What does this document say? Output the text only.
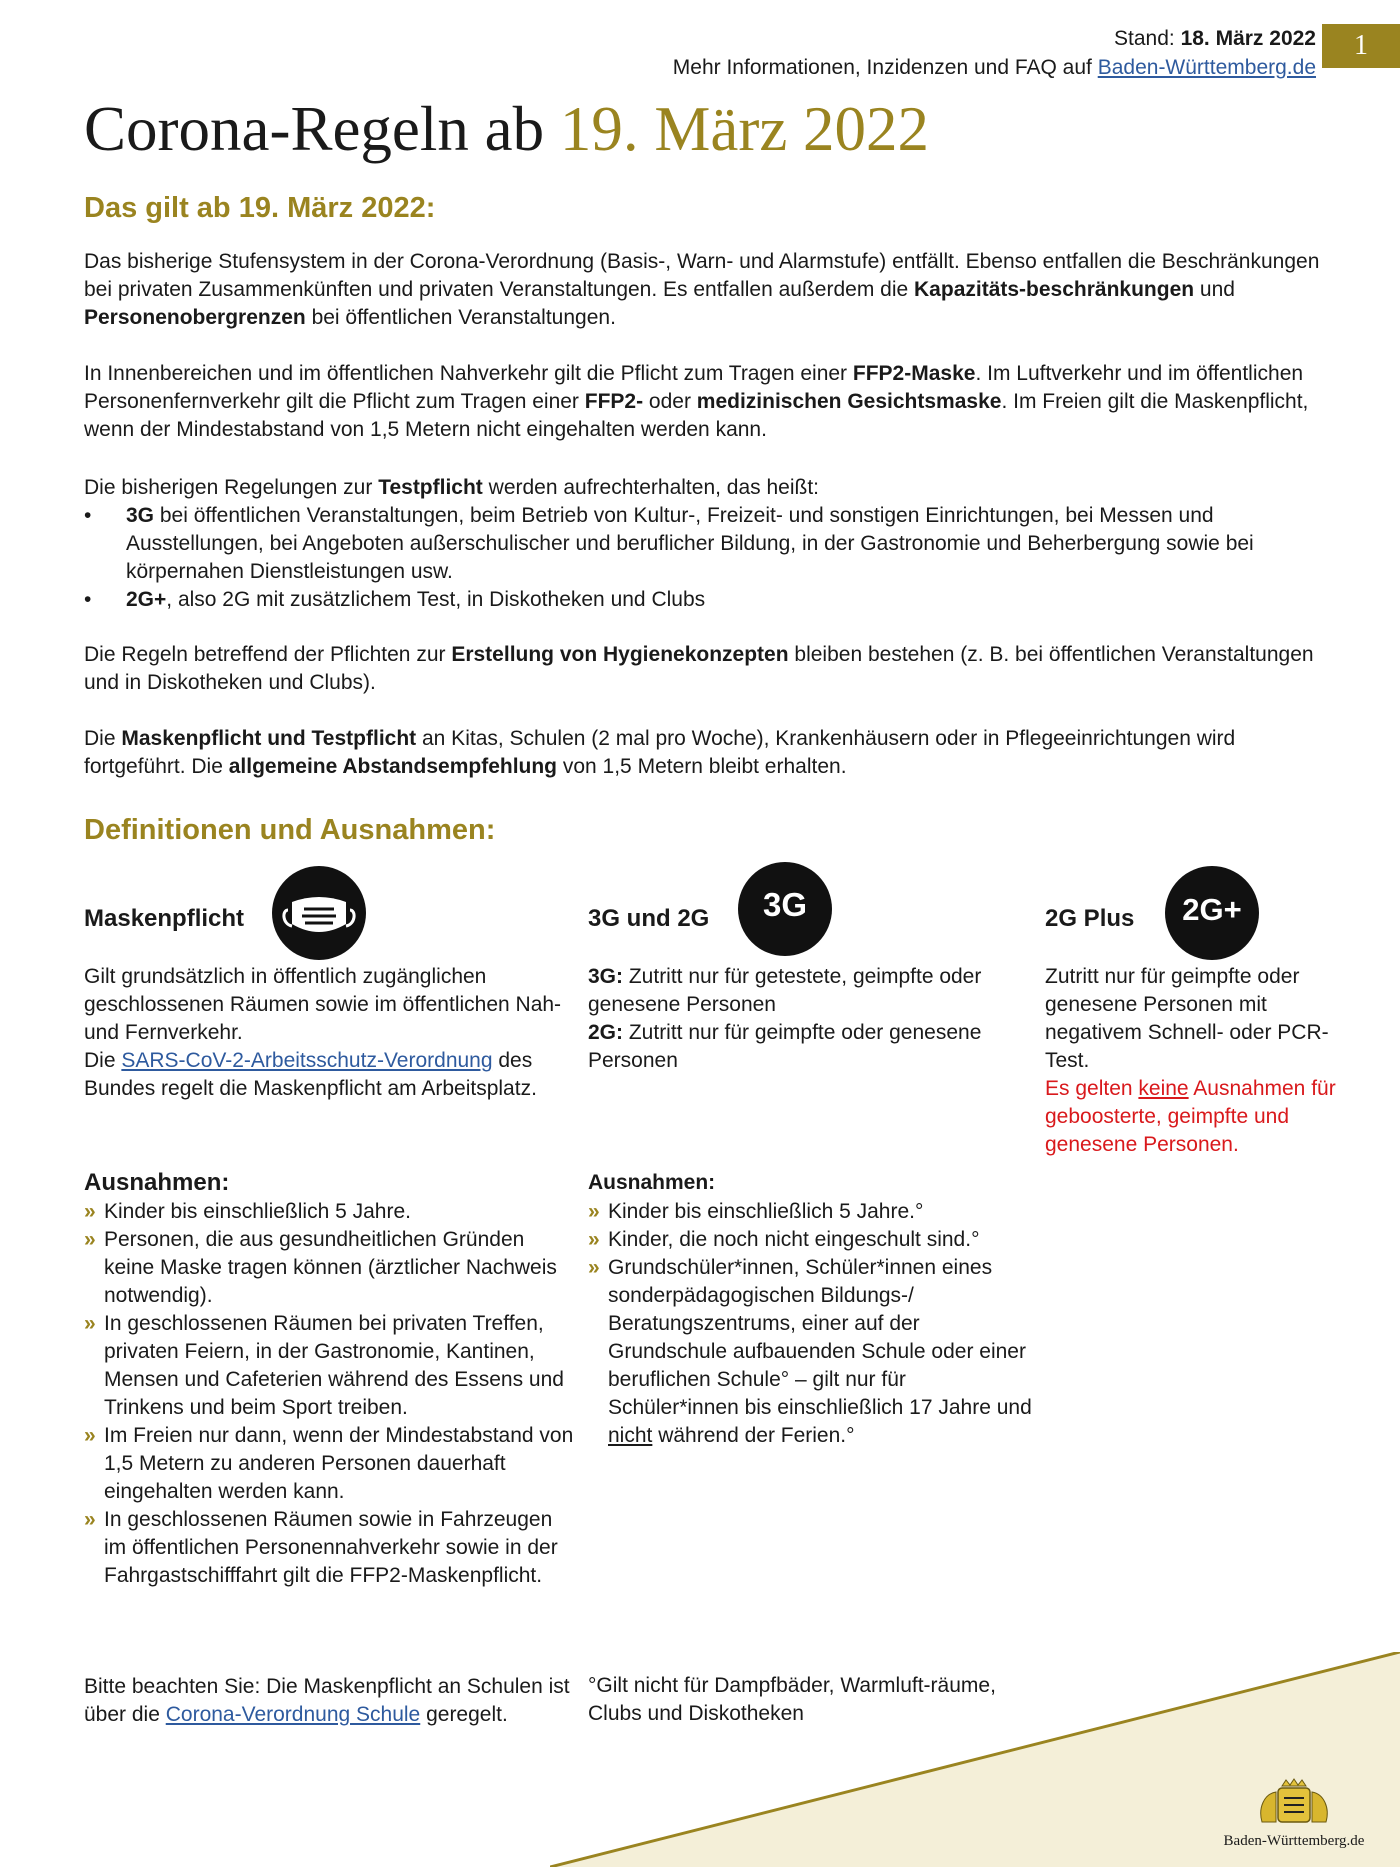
Stand: 18. März 2022
Mehr Informationen, Inzidenzen und FAQ auf Baden-Württemberg.de
1
Corona-Regeln ab 19. März 2022
Das gilt ab 19. März 2022:
Das bisherige Stufensystem in der Corona-Verordnung (Basis-, Warn- und Alarmstufe) entfällt. Ebenso entfallen die Beschränkungen bei privaten Zusammenkünften und privaten Veranstaltungen. Es entfallen außerdem die Kapazitäts-beschränkungen und Personenobergrenzen bei öffentlichen Veranstaltungen.
In Innenbereichen und im öffentlichen Nahverkehr gilt die Pflicht zum Tragen einer FFP2-Maske. Im Luftverkehr und im öffentlichen Personenfernverkehr gilt die Pflicht zum Tragen einer FFP2- oder medizinischen Gesichtsmaske. Im Freien gilt die Maskenpflicht, wenn der Mindestabstand von 1,5 Metern nicht eingehalten werden kann.
Die bisherigen Regelungen zur Testpflicht werden aufrechterhalten, das heißt:
• 3G bei öffentlichen Veranstaltungen, beim Betrieb von Kultur-, Freizeit- und sonstigen Einrichtungen, bei Messen und Ausstellungen, bei Angeboten außerschulischer und beruflicher Bildung, in der Gastronomie und Beherbergung sowie bei körpernahen Dienstleistungen usw.
• 2G+, also 2G mit zusätzlichem Test, in Diskotheken und Clubs
Die Regeln betreffend der Pflichten zur Erstellung von Hygienekonzepten bleiben bestehen (z. B. bei öffentlichen Veranstaltungen und in Diskotheken und Clubs).
Die Maskenpflicht und Testpflicht an Kitas, Schulen (2 mal pro Woche), Krankenhäusern oder in Pflegeeinrichtungen wird fortgeführt. Die allgemeine Abstandsempfehlung von 1,5 Metern bleibt erhalten.
Definitionen und Ausnahmen:
Maskenpflicht
Gilt grundsätzlich in öffentlich zugänglichen geschlossenen Räumen sowie im öffentlichen Nah- und Fernverkehr.
Die SARS-CoV-2-Arbeitsschutz-Verordnung des Bundes regelt die Maskenpflicht am Arbeitsplatz.
Ausnahmen:
» Kinder bis einschließlich 5 Jahre.
» Personen, die aus gesundheitlichen Gründen keine Maske tragen können (ärztlicher Nachweis notwendig).
» In geschlossenen Räumen bei privaten Treffen, privaten Feiern, in der Gastronomie, Kantinen, Mensen und Cafeterien während des Essens und Trinkens und beim Sport treiben.
» Im Freien nur dann, wenn der Mindestabstand von 1,5 Metern zu anderen Personen dauerhaft eingehalten werden kann.
» In geschlossenen Räumen sowie in Fahrzeugen im öffentlichen Personennahverkehr sowie in der Fahrgastschifffahrt gilt die FFP2-Maskenpflicht.
Bitte beachten Sie: Die Maskenpflicht an Schulen ist über die Corona-Verordnung Schule geregelt.
3G und 2G	3G
3G: Zutritt nur für getestete, geimpfte oder genesene Personen
2G: Zutritt nur für geimpfte oder genesene Personen
Ausnahmen:
» Kinder bis einschließlich 5 Jahre.°
» Kinder, die noch nicht eingeschult sind.°
» Grundschüler*innen, Schüler*innen eines sonderpädagogischen Bildungs-/ Beratungszentrums, einer auf der Grundschule aufbauenden Schule oder einer beruflichen Schule° – gilt nur für Schüler*innen bis einschließlich 17 Jahre und nicht während der Ferien.°
°Gilt nicht für Dampfbäder, Warmluft-räume, Clubs und Diskotheken
2G Plus	2G+
Zutritt nur für geimpfte oder genesene Personen mit negativem Schnell- oder PCR-Test.
Es gelten keine Ausnahmen für geboosterte, geimpfte und genesene Personen.
Baden-Württemberg.de
